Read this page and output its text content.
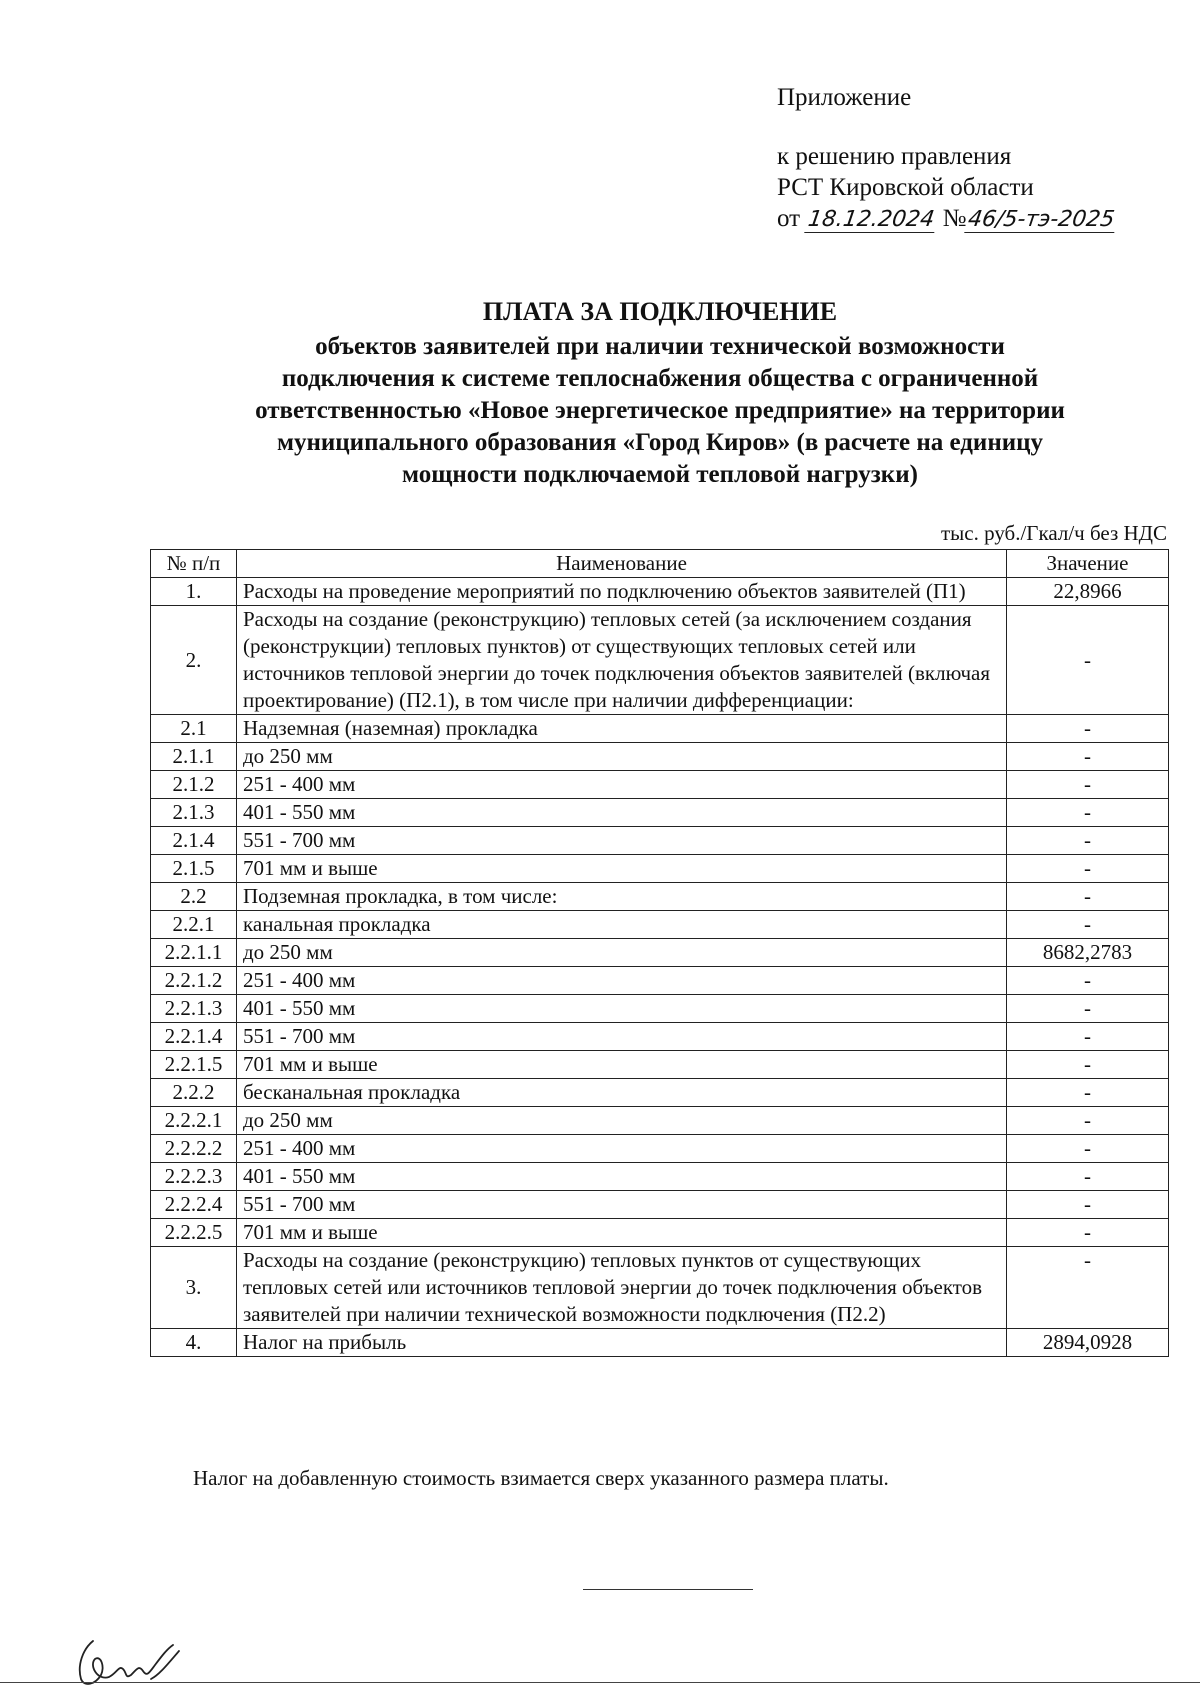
Приложение
к решению правления
РСТ Кировской области
от 18.12.2024 №46/5-тэ-2025
ПЛАТА ЗА ПОДКЛЮЧЕНИЕ
объектов заявителей при наличии технической возможности
подключения к системе теплоснабжения общества с ограниченной
ответственностью «Новое энергетическое предприятие» на территории
муниципального образования «Город Киров» (в расчете на единицу
мощности подключаемой тепловой нагрузки)
тыс. руб./Гкал/ч без НДС
№ п/п	Наименование	Значение
1.	Расходы на проведение мероприятий по подключению объектов заявителей (П1)	22,8966
2.	Расходы на создание (реконструкцию) тепловых сетей (за исключением создания (реконструкции) тепловых пунктов) от существующих тепловых сетей или источников тепловой энергии до точек подключения объектов заявителей (включая проектирование) (П2.1), в том числе при наличии дифференциации:	-
2.1	Надземная (наземная) прокладка	-
2.1.1	до 250 мм	-
2.1.2	251 - 400 мм	-
2.1.3	401 - 550 мм	-
2.1.4	551 - 700 мм	-
2.1.5	701 мм и выше	-
2.2	Подземная прокладка, в том числе:	-
2.2.1	канальная прокладка	-
2.2.1.1	до 250 мм	8682,2783
2.2.1.2	251 - 400 мм	-
2.2.1.3	401 - 550 мм	-
2.2.1.4	551 - 700 мм	-
2.2.1.5	701 мм и выше	-
2.2.2	бесканальная прокладка	-
2.2.2.1	до 250 мм	-
2.2.2.2	251 - 400 мм	-
2.2.2.3	401 - 550 мм	-
2.2.2.4	551 - 700 мм	-
2.2.2.5	701 мм и выше	-
3.	Расходы на создание (реконструкцию) тепловых пунктов от существующих тепловых сетей или источников тепловой энергии до точек подключения объектов заявителей при наличии технической возможности подключения (П2.2)	-
4.	Налог на прибыль	2894,0928
Налог на добавленную стоимость взимается сверх указанного размера платы.
